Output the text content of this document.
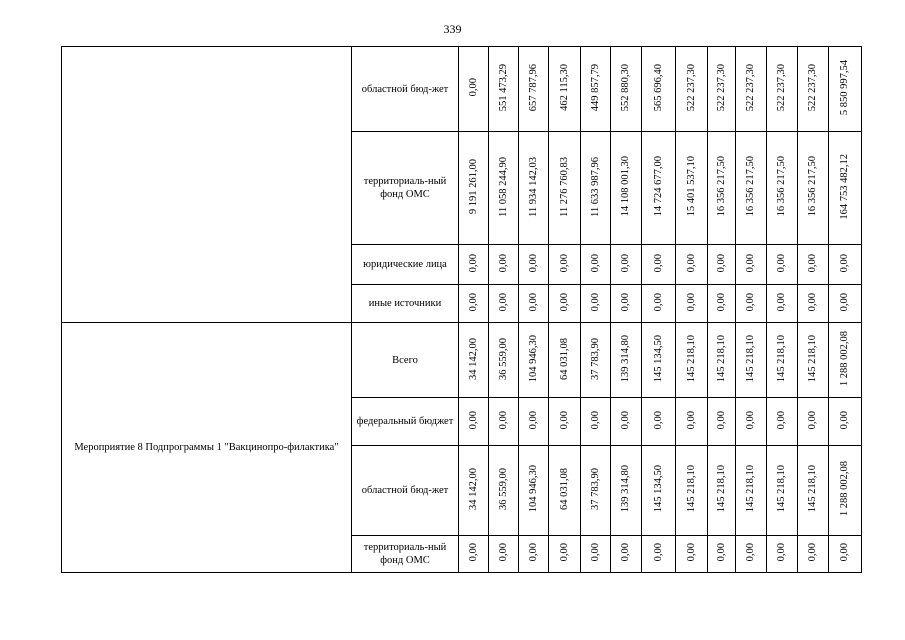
339
	областной бюд-жет	0,00	551 473,29	657 787,96	462 115,30	449 857,79	552 880,30	565 696,40	522 237,30	522 237,30	522 237,30	522 237,30	522 237,30	5 850 997,54
	территориаль-ный фонд ОМС	9 191 261,00	11 058 244,90	11 934 142,03	11 276 760,83	11 633 987,96	14 108 001,30	14 724 677,00	15 401 537,10	16 356 217,50	16 356 217,50	16 356 217,50	16 356 217,50	164 753 482,12
	юридические лица	0,00	0,00	0,00	0,00	0,00	0,00	0,00	0,00	0,00	0,00	0,00	0,00	0,00
	иные источники	0,00	0,00	0,00	0,00	0,00	0,00	0,00	0,00	0,00	0,00	0,00	0,00	0,00
Мероприятие 8 Подпрограммы 1 "Вакцинопро-филактика"	Всего	34 142,00	36 559,00	104 946,30	64 031,08	37 783,90	139 314,80	145 134,50	145 218,10	145 218,10	145 218,10	145 218,10	145 218,10	1 288 002,08
	федеральный бюджет	0,00	0,00	0,00	0,00	0,00	0,00	0,00	0,00	0,00	0,00	0,00	0,00	0,00
	областной бюд-жет	34 142,00	36 559,00	104 946,30	64 031,08	37 783,90	139 314,80	145 134,50	145 218,10	145 218,10	145 218,10	145 218,10	145 218,10	1 288 002,08
	территориаль-ный фонд ОМС	0,00	0,00	0,00	0,00	0,00	0,00	0,00	0,00	0,00	0,00	0,00	0,00	0,00
